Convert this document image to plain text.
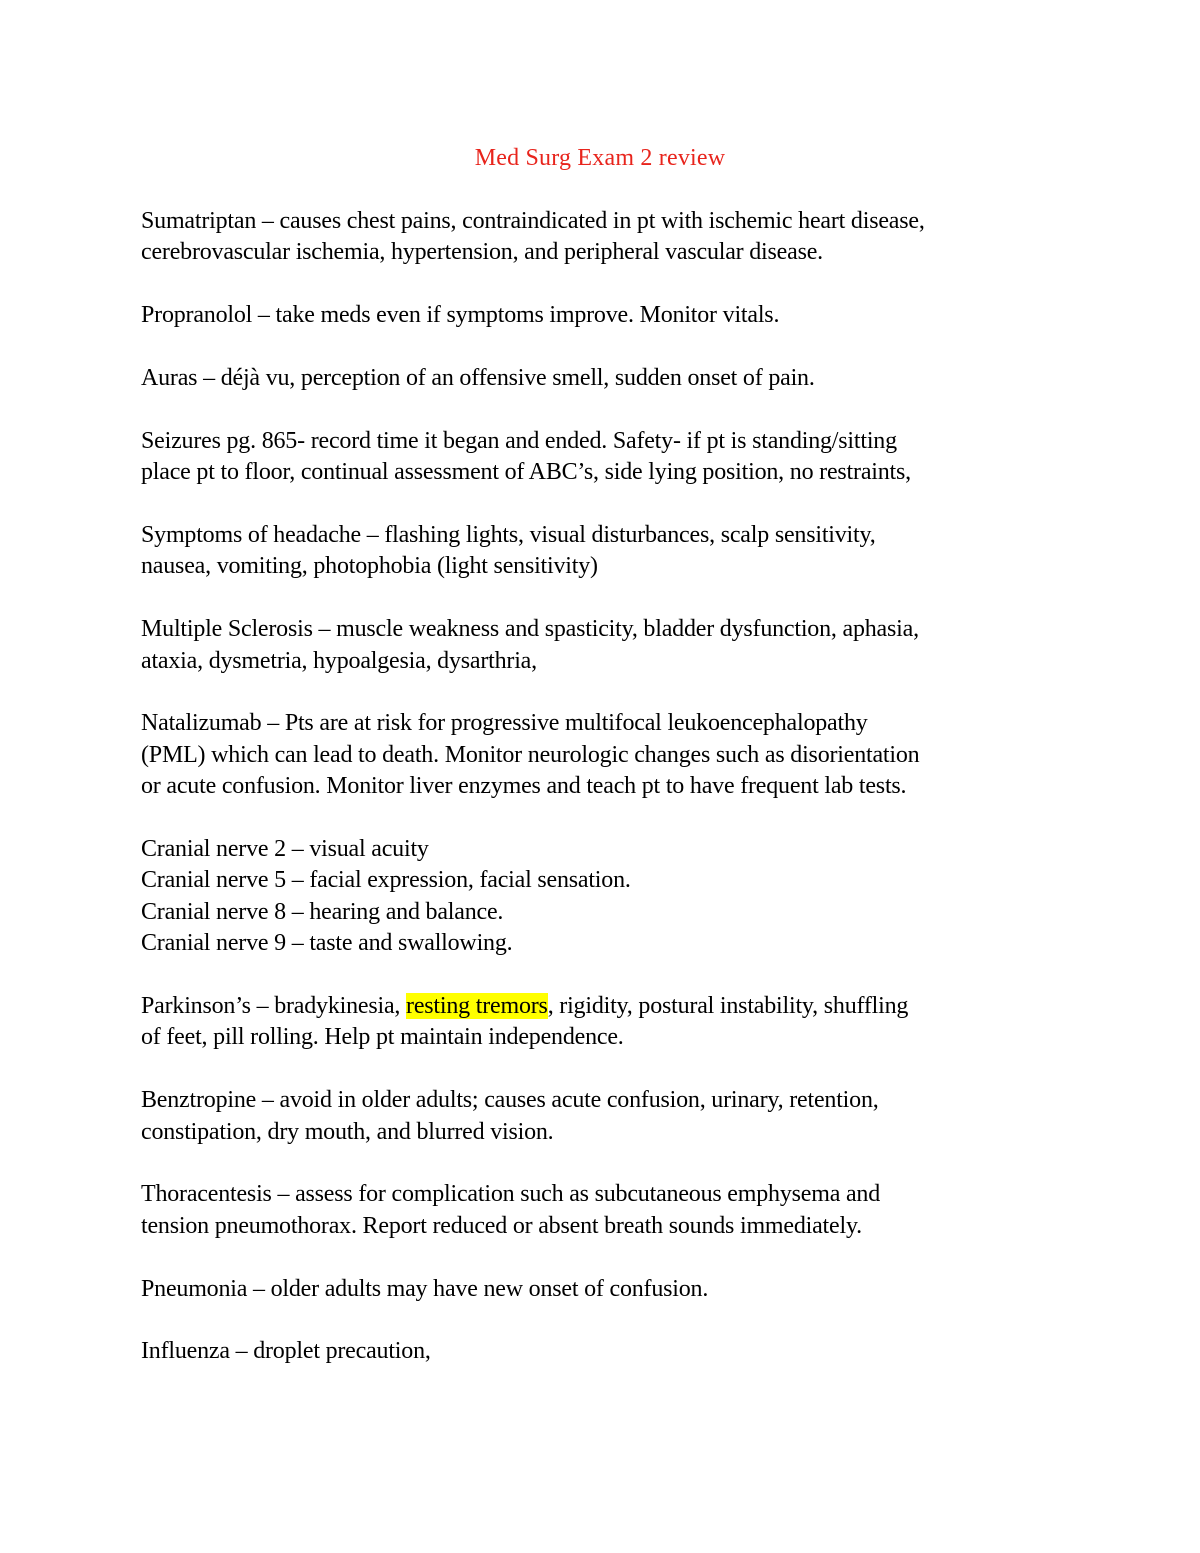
Med Surg Exam 2 review
Sumatriptan – causes chest pains, contraindicated in pt with ischemic heart disease,
cerebrovascular ischemia, hypertension, and peripheral vascular disease.
Propranolol – take meds even if symptoms improve. Monitor vitals.
Auras – déjà vu, perception of an offensive smell, sudden onset of pain.
Seizures pg. 865- record time it began and ended. Safety- if pt is standing/sitting
place pt to floor, continual assessment of ABC’s, side lying position, no restraints,
Symptoms of headache – flashing lights, visual disturbances, scalp sensitivity,
nausea, vomiting, photophobia (light sensitivity)
Multiple Sclerosis – muscle weakness and spasticity, bladder dysfunction, aphasia,
ataxia, dysmetria, hypoalgesia, dysarthria,
Natalizumab – Pts are at risk for progressive multifocal leukoencephalopathy
(PML) which can lead to death. Monitor neurologic changes such as disorientation
or acute confusion. Monitor liver enzymes and teach pt to have frequent lab tests.
Cranial nerve 2 – visual acuity
Cranial nerve 5 – facial expression, facial sensation.
Cranial nerve 8 – hearing and balance.
Cranial nerve 9 – taste and swallowing.
Parkinson’s – bradykinesia, resting tremors, rigidity, postural instability, shuffling
of feet, pill rolling. Help pt maintain independence.
Benztropine – avoid in older adults; causes acute confusion, urinary, retention,
constipation, dry mouth, and blurred vision.
Thoracentesis – assess for complication such as subcutaneous emphysema and
tension pneumothorax. Report reduced or absent breath sounds immediately.
Pneumonia – older adults may have new onset of confusion.
Influenza – droplet precaution,
